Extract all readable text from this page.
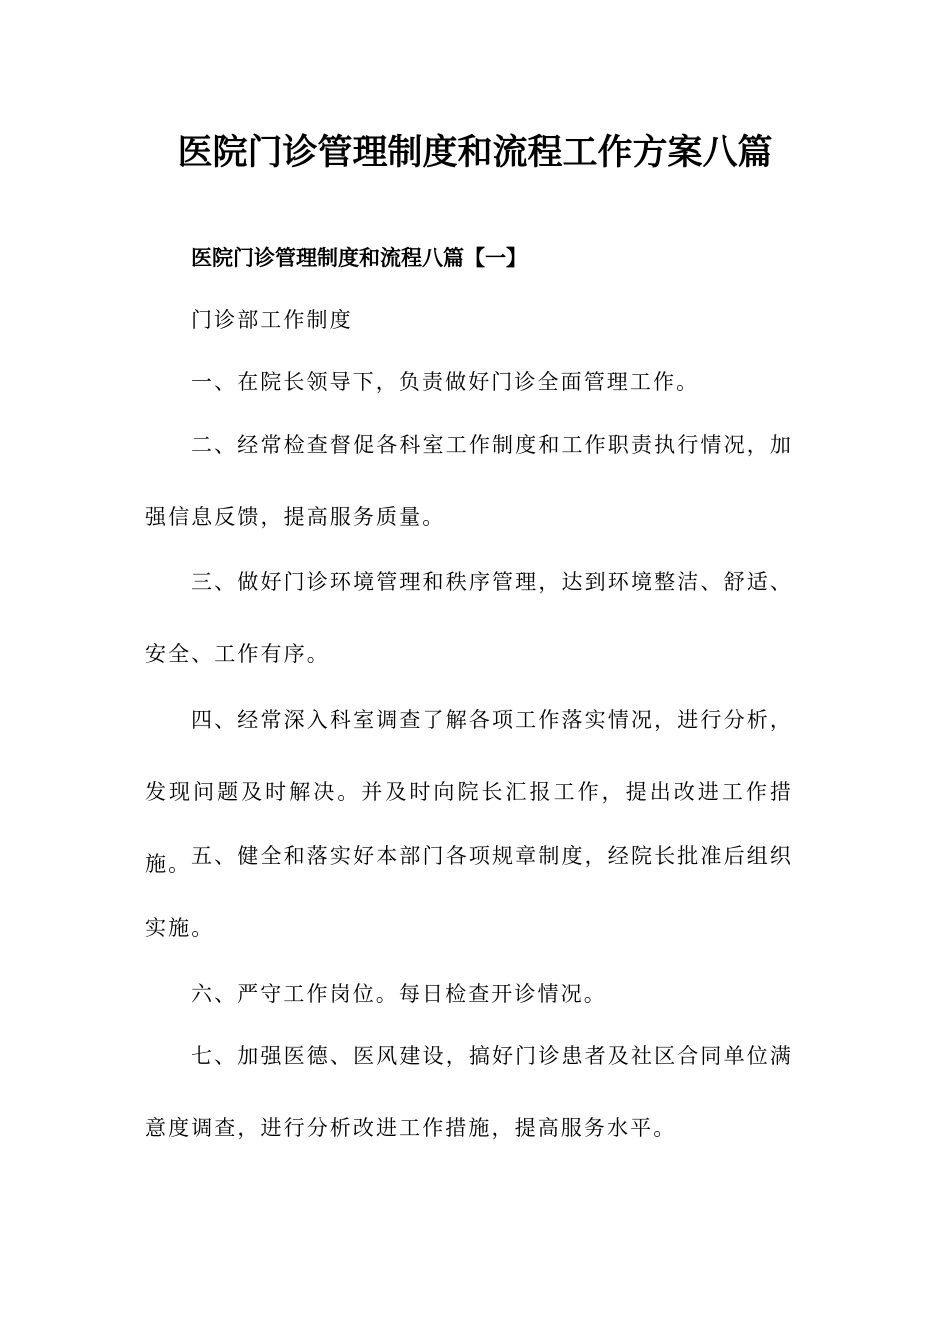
医院门诊管理制度和流程工作方案八篇
医院门诊管理制度和流程八篇【一】

门诊部工作制度

一、在院长领导下，负责做好门诊全面管理工作。

二、经常检查督促各科室工作制度和工作职责执行情况，加强信息反馈，提高服务质量。

三、做好门诊环境管理和秩序管理，达到环境整洁、舒适、安全、工作有序。

四、经常深入科室调查了解各项工作落实情况，进行分析，发现问题及时解决。并及时向院长汇报工作，提出改进工作措施。 五、健全和落实好本部门各项规章制度，经院长批准后组织实施。

六、严守工作岗位。每日检查开诊情况。

七、加强医德、医风建设，搞好门诊患者及社区合同单位满意度调查，进行分析改进工作措施，提高服务水平。
